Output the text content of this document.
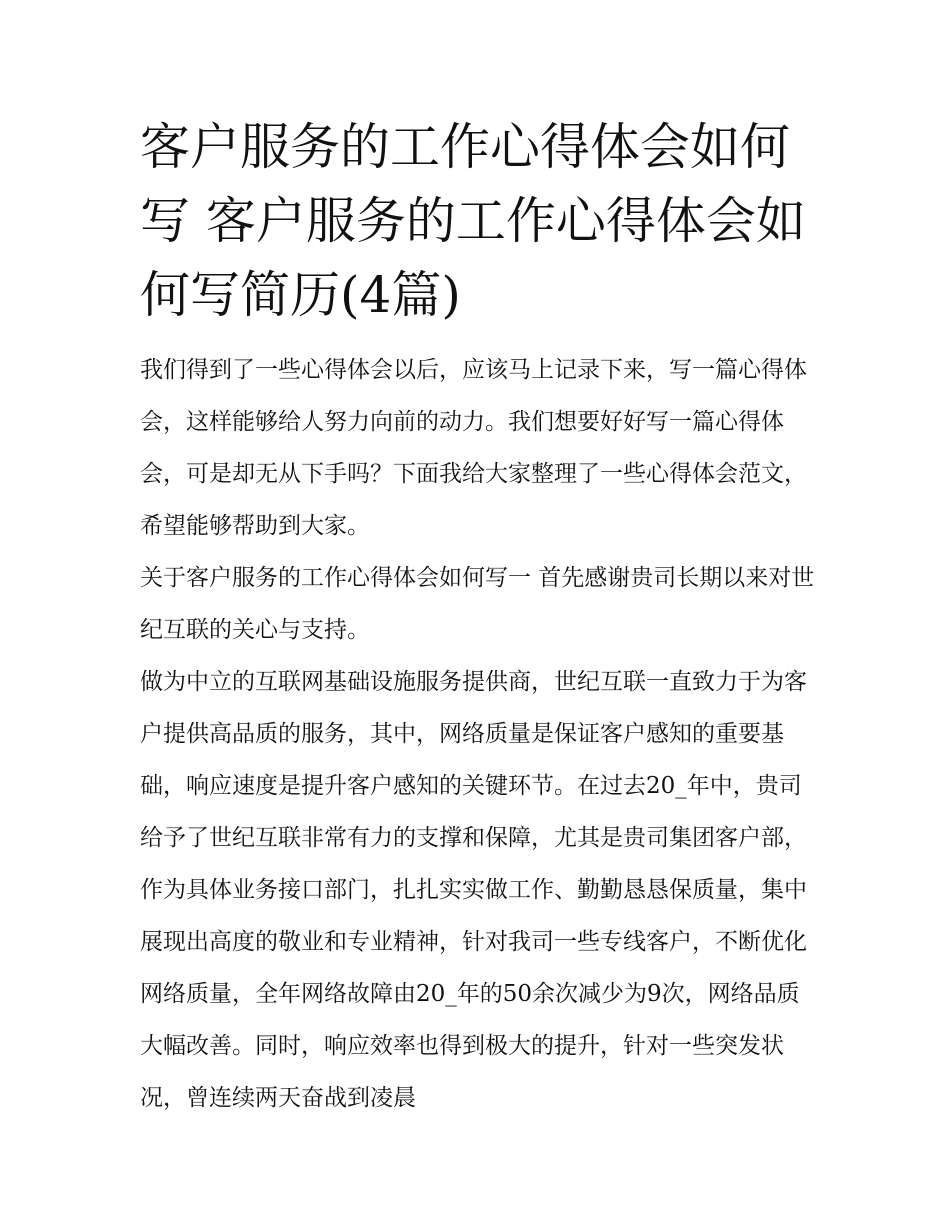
客户服务的工作心得体会如何写 客户服务的工作心得体会如何写简历(4篇)

我们得到了一些心得体会以后，应该马上记录下来，写一篇心得体会，这样能够给人努力向前的动力。我们想要好好写一篇心得体会，可是却无从下手吗？下面我给大家整理了一些心得体会范文，希望能够帮助到大家。

关于客户服务的工作心得体会如何写一 首先感谢贵司长期以来对世纪互联的关心与支持。

做为中立的互联网基础设施服务提供商，世纪互联一直致力于为客户提供高品质的服务，其中，网络质量是保证客户感知的重要基础，响应速度是提升客户感知的关键环节。在过去20_年中，贵司给予了世纪互联非常有力的支撑和保障，尤其是贵司集团客户部，作为具体业务接口部门，扎扎实实做工作、勤勤恳恳保质量，集中展现出高度的敬业和专业精神，针对我司一些专线客户，不断优化网络质量，全年网络故障由20_年的50余次减少为9次，网络品质大幅改善。同时，响应效率也得到极大的提升，针对一些突发状况，曾连续两天奋战到凌晨
